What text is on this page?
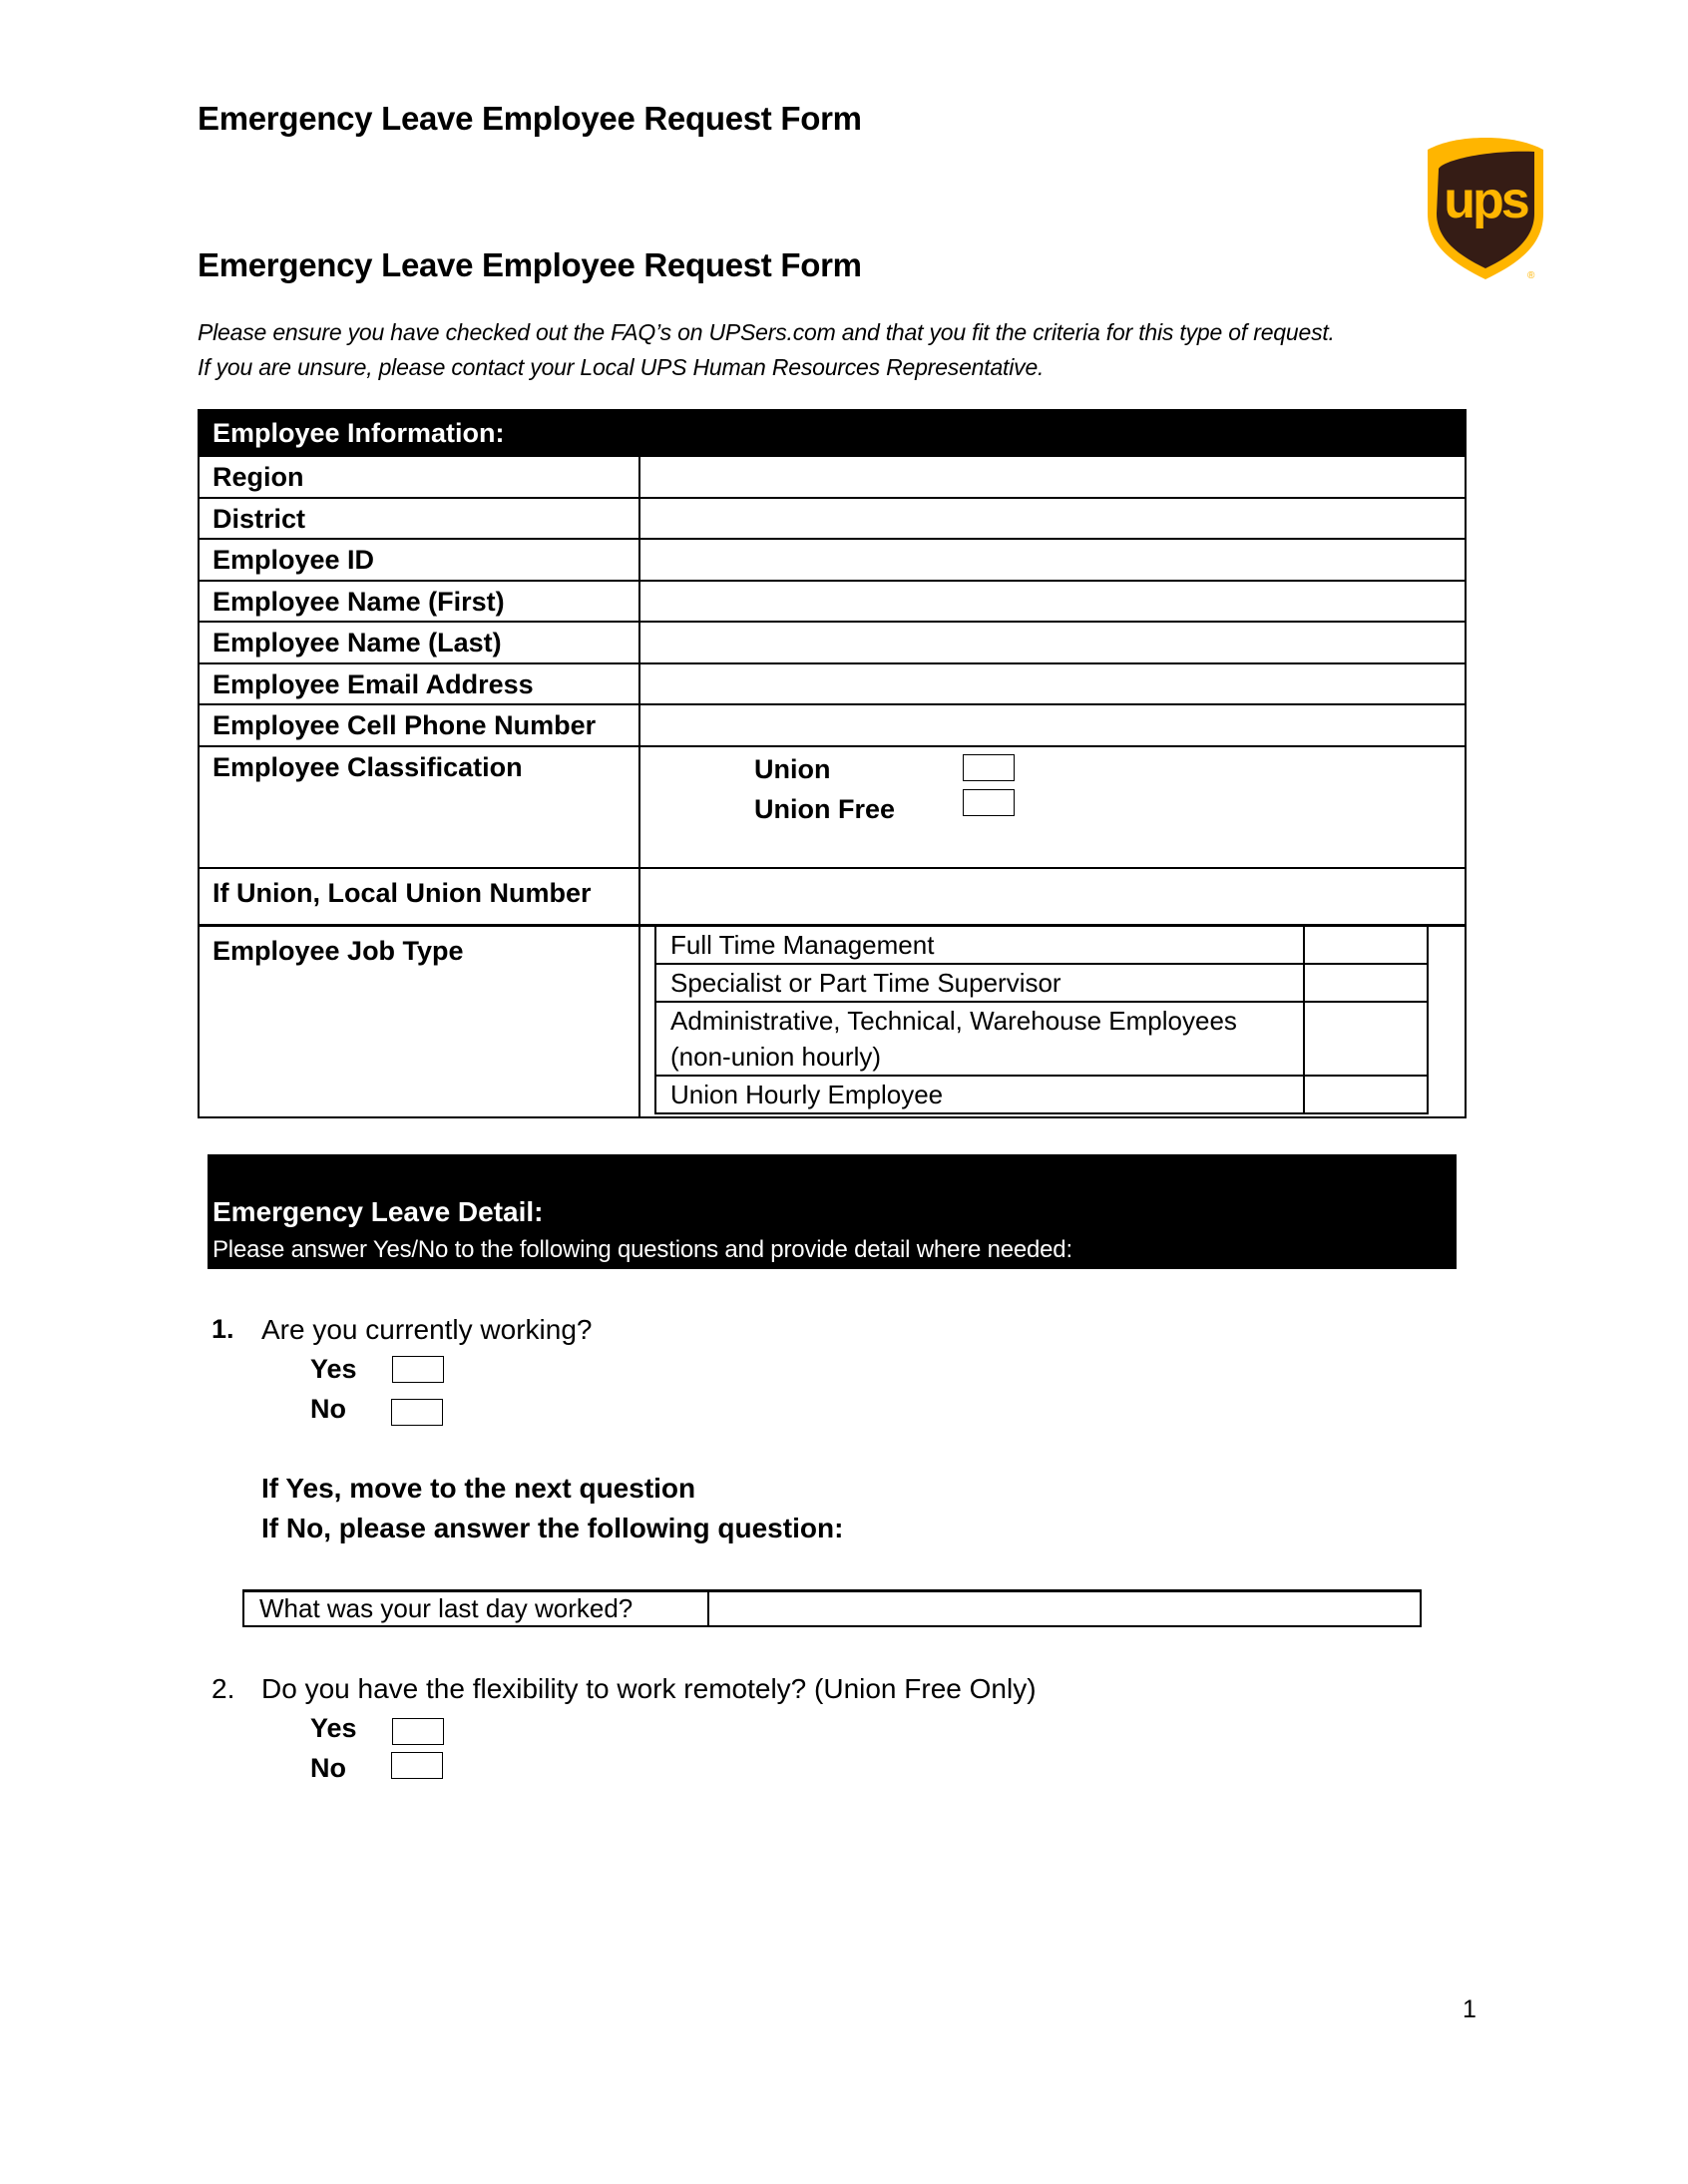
Emergency Leave Employee Request Form
ups
®
Emergency Leave Employee Request Form
Please ensure you have checked out the FAQ’s on UPSers.com and that you fit the criteria for this type of request.
If you are unsure, please contact your Local UPS Human Resources Representative.
Employee Information:
Region
District
Employee ID
Employee Name (First)
Employee Name (Last)
Employee Email Address
Employee Cell Phone Number
Employee Classification	Union
Union Free
If Union, Local Union Number
Employee Job Type	Full Time Management
Specialist or Part Time Supervisor
Administrative, Technical, Warehouse Employees
(non-union hourly)
Union Hourly Employee
Emergency Leave Detail:
Please answer Yes/No to the following questions and provide detail where needed:
1. Are you currently working?
Yes
No
If Yes, move to the next question
If No, please answer the following question:
What was your last day worked?
2. Do you have the flexibility to work remotely? (Union Free Only)
Yes
No
1
